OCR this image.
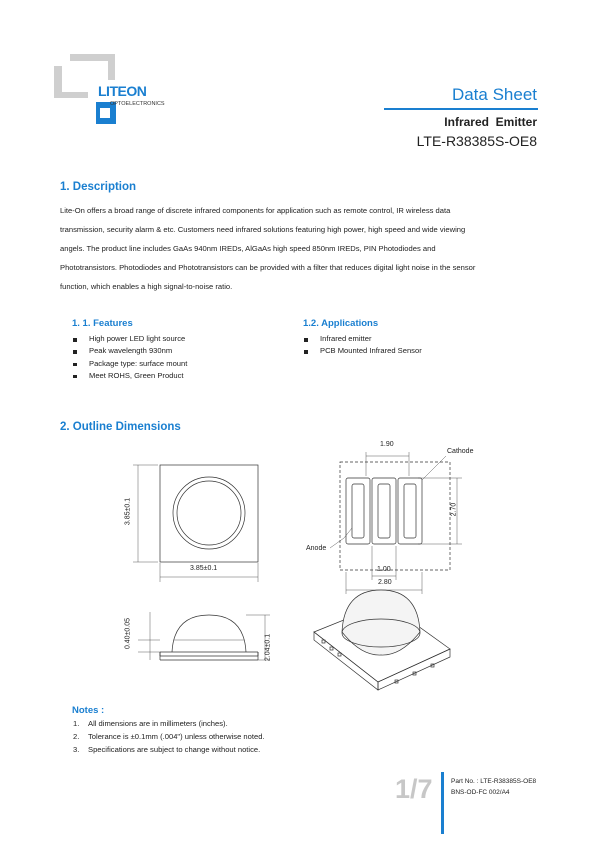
LITEON
OPTOELECTRONICS	Data Sheet
Infrared  Emitter
LTE-R38385S-OE8
1. Description
Lite-On offers a broad range of discrete infrared components for application such as remote control, IR wireless data
transmission, security alarm & etc. Customers need infrared solutions featuring high power, high speed and wide viewing
angels. The product line includes GaAs 940nm IREDs, AlGaAs high speed 850nm IREDs, PIN Photodiodes and
Phototransistors. Photodiodes and Phototransistors can be provided with a filter that reduces digital light noise in the sensor
function, which enables a high signal-to-noise ratio.
1. 1. Features
High power LED light source
Peak wavelength 930nm
Package type: surface mount
Meet ROHS, Green Product
1.2. Applications
Infrared emitter
PCB Mounted Infrared Sensor
2. Outline Dimensions
3.85±0.1
3.85±0.1
1.90
2.70
1.00
2.80
Cathode
Anode
0.40±0.05	2.04±0.1
Notes :
1. All dimensions are in millimeters (inches).
2. Tolerance is ±0.1mm (.004") unless otherwise noted.
3. Specifications are subject to change without notice.
1/7	Part No. : LTE-R38385S-OE8
BNS-OD-FC 002/A4
